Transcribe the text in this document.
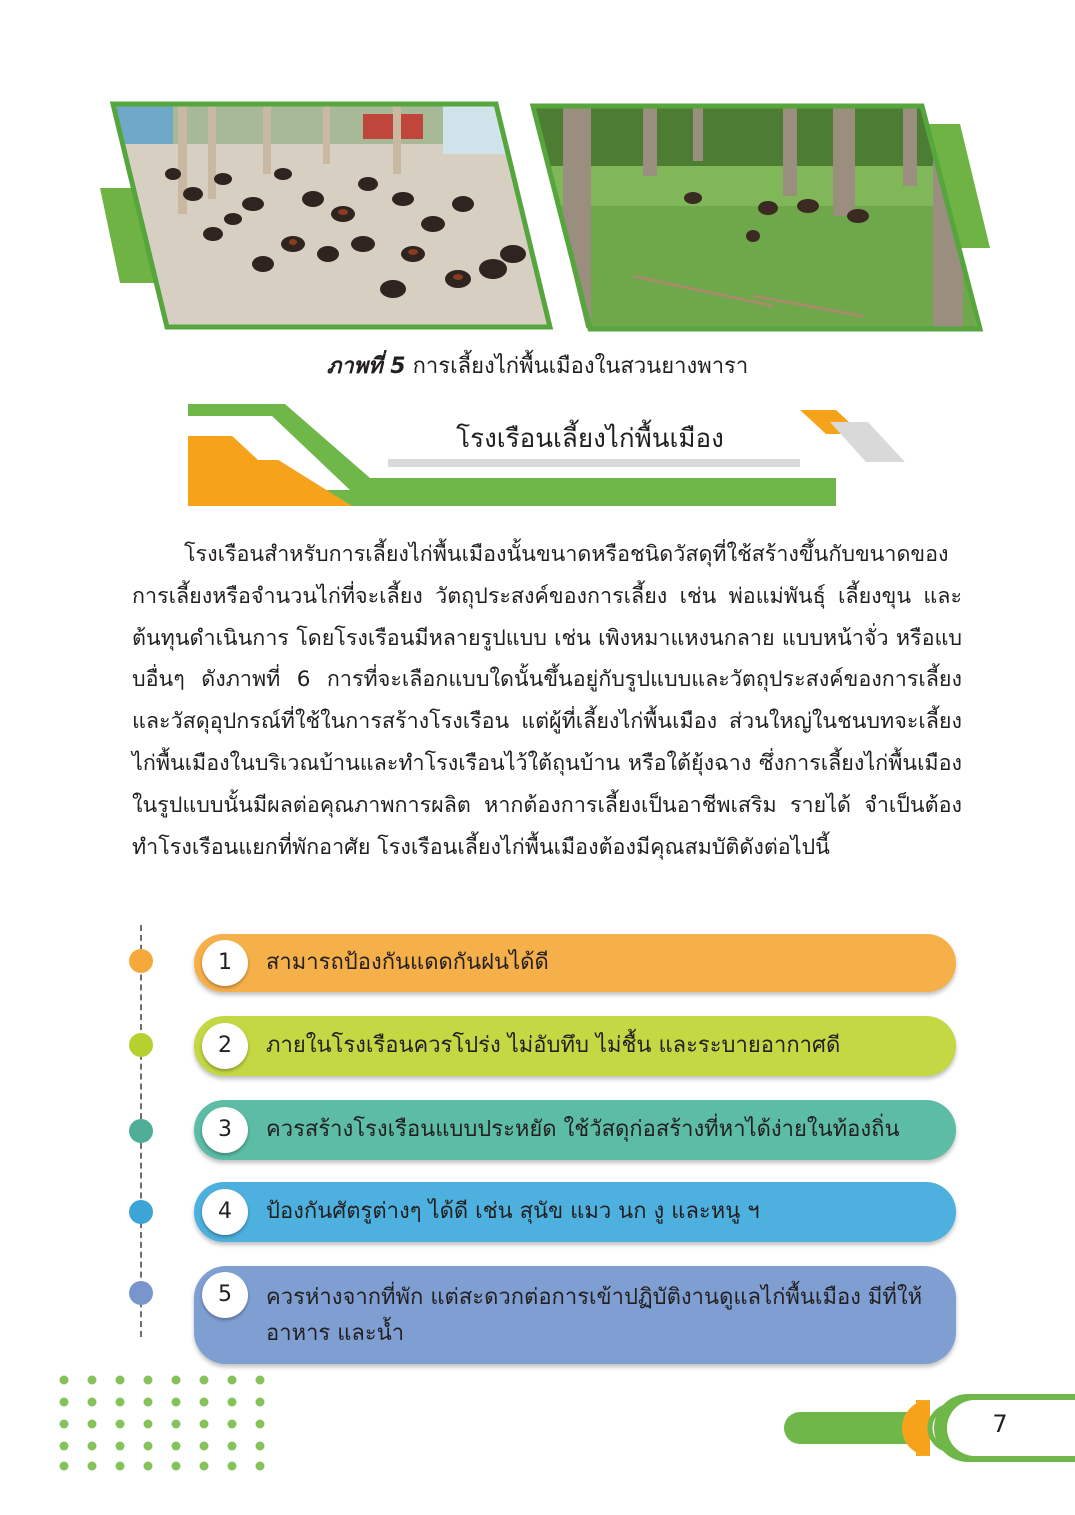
ภาพที่ 5 การเลี้ยงไก่พื้นเมืองในสวนยางพารา
โรงเรือนเลี้ยงไก่พื้นเมือง
โรงเรือนสำหรับการเลี้ยงไก่พื้นเมืองนั้นขนาดหรือชนิดวัสดุที่ใช้สร้างขึ้นกับขนาดของการเลี้ยงหรือจำนวนไก่ที่จะเลี้ยง วัตถุประสงค์ของการเลี้ยง เช่น พ่อแม่พันธุ์ เลี้ยงขุน และต้นทุนดำเนินการ โดยโรงเรือนมีหลายรูปแบบ เช่น เพิงหมาแหงนกลาย แบบหน้าจั่ว หรือแบบอื่นๆ ดังภาพที่ 6 การที่จะเลือกแบบใดนั้นขึ้นอยู่กับรูปแบบและวัตถุประสงค์ของการเลี้ยง และวัสดุอุปกรณ์ที่ใช้ในการสร้างโรงเรือน แต่ผู้ที่เลี้ยงไก่พื้นเมือง ส่วนใหญ่ในชนบทจะเลี้ยงไก่พื้นเมืองในบริเวณบ้านและทำโรงเรือนไว้ใต้ถุนบ้าน หรือใต้ยุ้งฉาง ซึ่งการเลี้ยงไก่พื้นเมืองในรูปแบบนั้นมีผลต่อคุณภาพการผลิต หากต้องการเลี้ยงเป็นอาชีพเสริม รายได้ จำเป็นต้องทำโรงเรือนแยกที่พักอาศัย โรงเรือนเลี้ยงไก่พื้นเมืองต้องมีคุณสมบัติดังต่อไปนี้
1	สามารถป้องกันแดดกันฝนได้ดี
2	ภายในโรงเรือนควรโปร่ง ไม่อับทึบ ไม่ชื้น และระบายอากาศดี
3	ควรสร้างโรงเรือนแบบประหยัด ใช้วัสดุก่อสร้างที่หาได้ง่ายในท้องถิ่น
4	ป้องกันศัตรูต่างๆ ได้ดี เช่น สุนัข แมว นก งู และหนู ฯ
5	ควรห่างจากที่พัก แต่สะดวกต่อการเข้าปฏิบัติงานดูแลไก่พื้นเมือง มีที่ให้อาหาร และน้ำ
7
